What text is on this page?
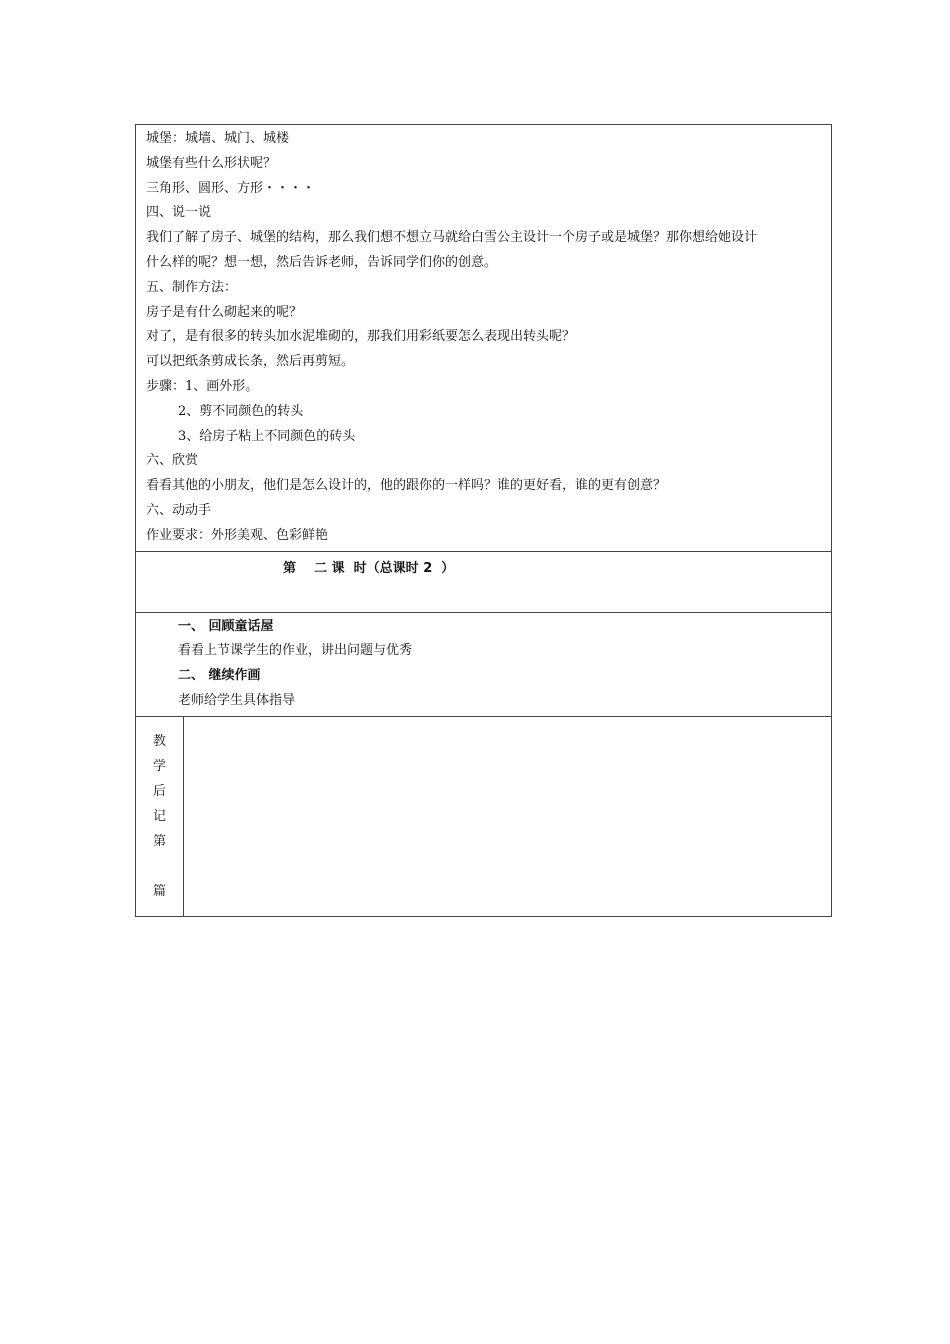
城堡：城墙、城门、城楼
城堡有些什么形状呢？
三角形、圆形、方形・・・・
四、说一说
我们了解了房子、城堡的结构，那么我们想不想立马就给白雪公主设计一个房子或是城堡？那你想给她设计
什么样的呢？想一想，然后告诉老师，告诉同学们你的创意。
五、制作方法：
房子是有什么砌起来的呢？
对了，是有很多的转头加水泥堆砌的，那我们用彩纸要怎么表现出转头呢？
可以把纸条剪成长条，然后再剪短。
步骤：1、画外形。
2、剪不同颜色的转头
3、给房子粘上不同颜色的砖头
六、欣赏
看看其他的小朋友，他们是怎么设计的，他的跟你的一样吗？谁的更好看，谁的更有创意？
六、动动手
作业要求：外形美观、色彩鲜艳
第    二 课  时（总课时 2  ）
一、 回顾童话屋
看看上节课学生的作业，讲出问题与优秀
二、 继续作画
老师给学生具体指导
教
学
后
记
第
篇
